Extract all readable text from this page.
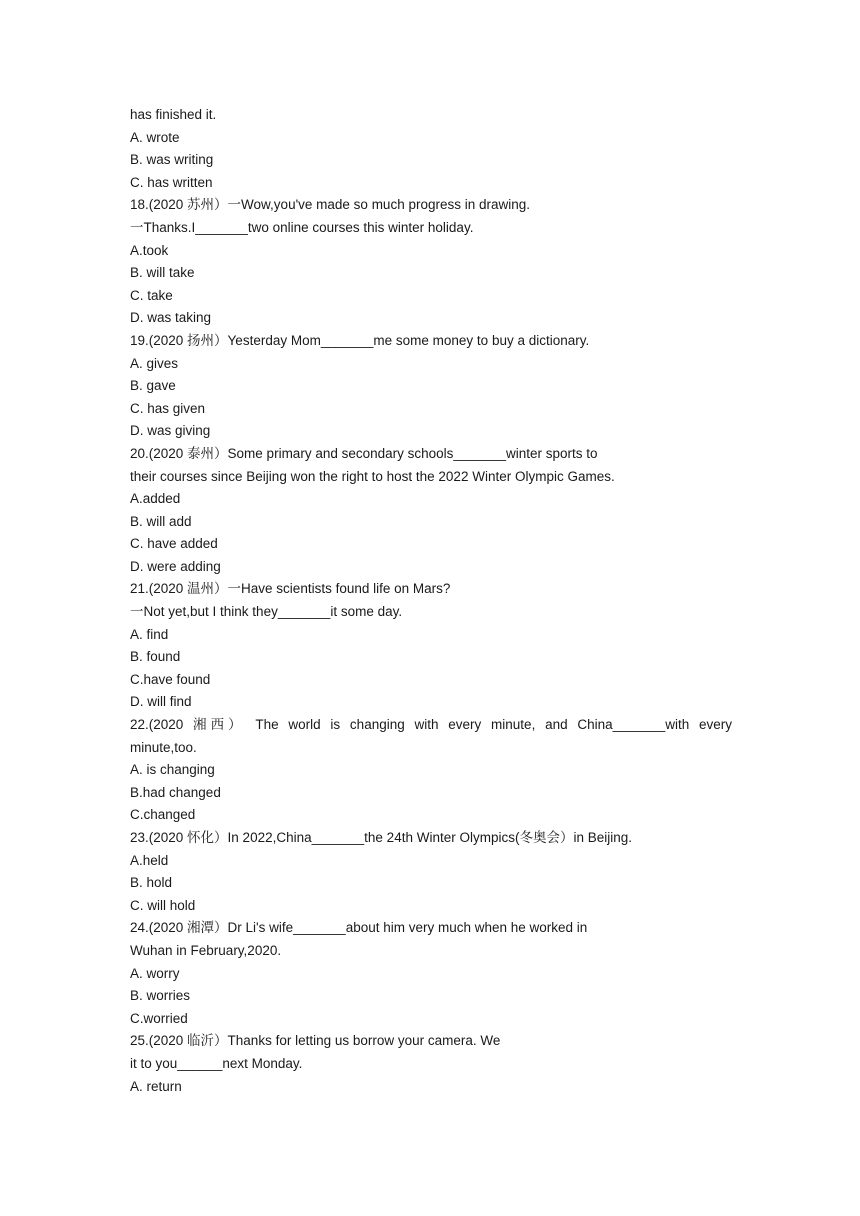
has finished it.
A. wrote
B. was writing
C. has written
18.(2020 苏州）一Wow,you've made so much progress in drawing.
一Thanks.I_______two online courses this winter holiday.
A.took
B. will take
C. take
D. was taking
19.(2020 扬州）Yesterday Mom_______me some money to buy a dictionary.
A. gives
B. gave
C. has given
D. was giving
20.(2020 泰州）Some primary and secondary schools_______winter sports to
their courses since Beijing won the right to host the 2022 Winter Olympic Games.
A.added
B. will add
C. have added
D. were adding
21.(2020 温州）一Have scientists found life on Mars?
一Not yet,but I think they_______it some day.
A. find
B. found
C.have found
D. will find
22.(2020 湘西） The world is changing with every minute, and China_______with every
minute,too.
A. is changing
B.had changed
C.changed
23.(2020 怀化）In 2022,China_______the 24th Winter Olympics(冬奥会）in Beijing.
A.held
B. hold
C. will hold
24.(2020 湘潭）Dr Li's wife_______about him very much when he worked in
Wuhan in February,2020.
A. worry
B. worries
C.worried
25.(2020 临沂）Thanks for letting us borrow your camera. We
it to you______next Monday.
A. return
